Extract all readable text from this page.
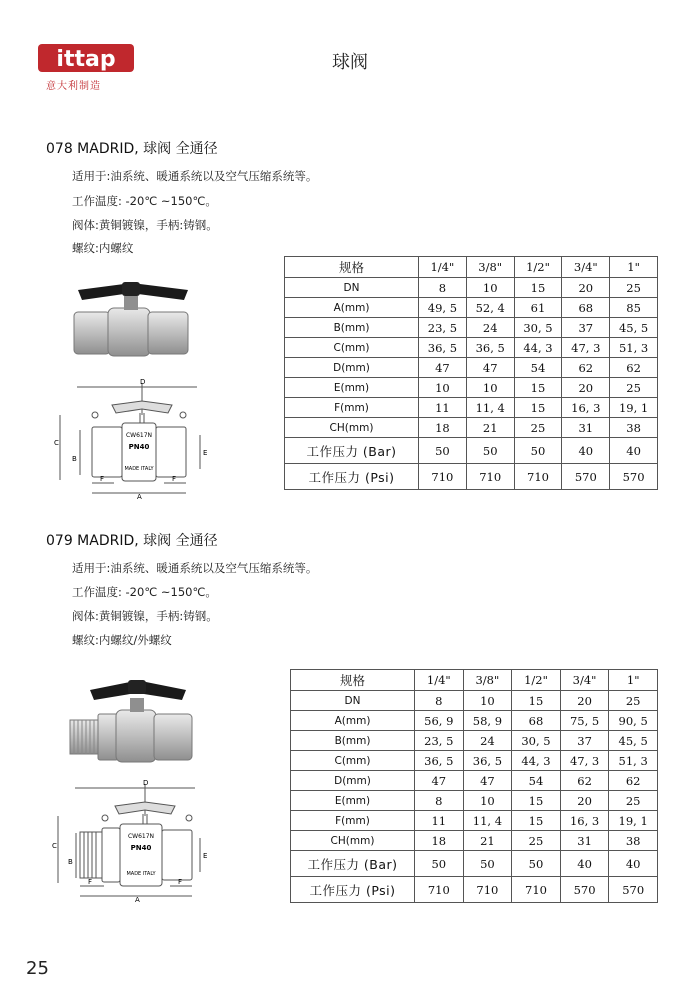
ittap
意大利制造
球阀
078 MADRID, 球阀 全通径
适用于:油系统、暖通系统以及空气压缩系统等。
工作温度: -20℃ ~150℃。
阀体:黄铜镀镍，手柄:铸钢。
螺纹:内螺纹
D
C
B
E
F	F
A
CW617N
PN40
MADE ITALY
规格	1/4"	3/8"	1/2"	3/4"	1"
DN	8	10	15	20	25
A(mm)	49, 5	52, 4	61	68	85
B(mm)	23, 5	24	30, 5	37	45, 5
C(mm)	36, 5	36, 5	44, 3	47, 3	51, 3
D(mm)	47	47	54	62	62
E(mm)	10	10	15	20	25
F(mm)	11	11, 4	15	16, 3	19, 1
CH(mm)	18	21	25	31	38
工作压力 (Bar)	50	50	50	40	40
工作压力 (Psi)	710	710	710	570	570
079 MADRID, 球阀 全通径
适用于:油系统、暖通系统以及空气压缩系统等。
工作温度: -20℃ ~150℃。
阀体:黄铜镀镍，手柄:铸钢。
螺纹:内螺纹/外螺纹
D
C
B
E
F	F
A
CW617N
PN40
MADE ITALY
规格	1/4"	3/8"	1/2"	3/4"	1"
DN	8	10	15	20	25
A(mm)	56, 9	58, 9	68	75, 5	90, 5
B(mm)	23, 5	24	30, 5	37	45, 5
C(mm)	36, 5	36, 5	44, 3	47, 3	51, 3
D(mm)	47	47	54	62	62
E(mm)	8	10	15	20	25
F(mm)	11	11, 4	15	16, 3	19, 1
CH(mm)	18	21	25	31	38
工作压力 (Bar)	50	50	50	40	40
工作压力 (Psi)	710	710	710	570	570
25
